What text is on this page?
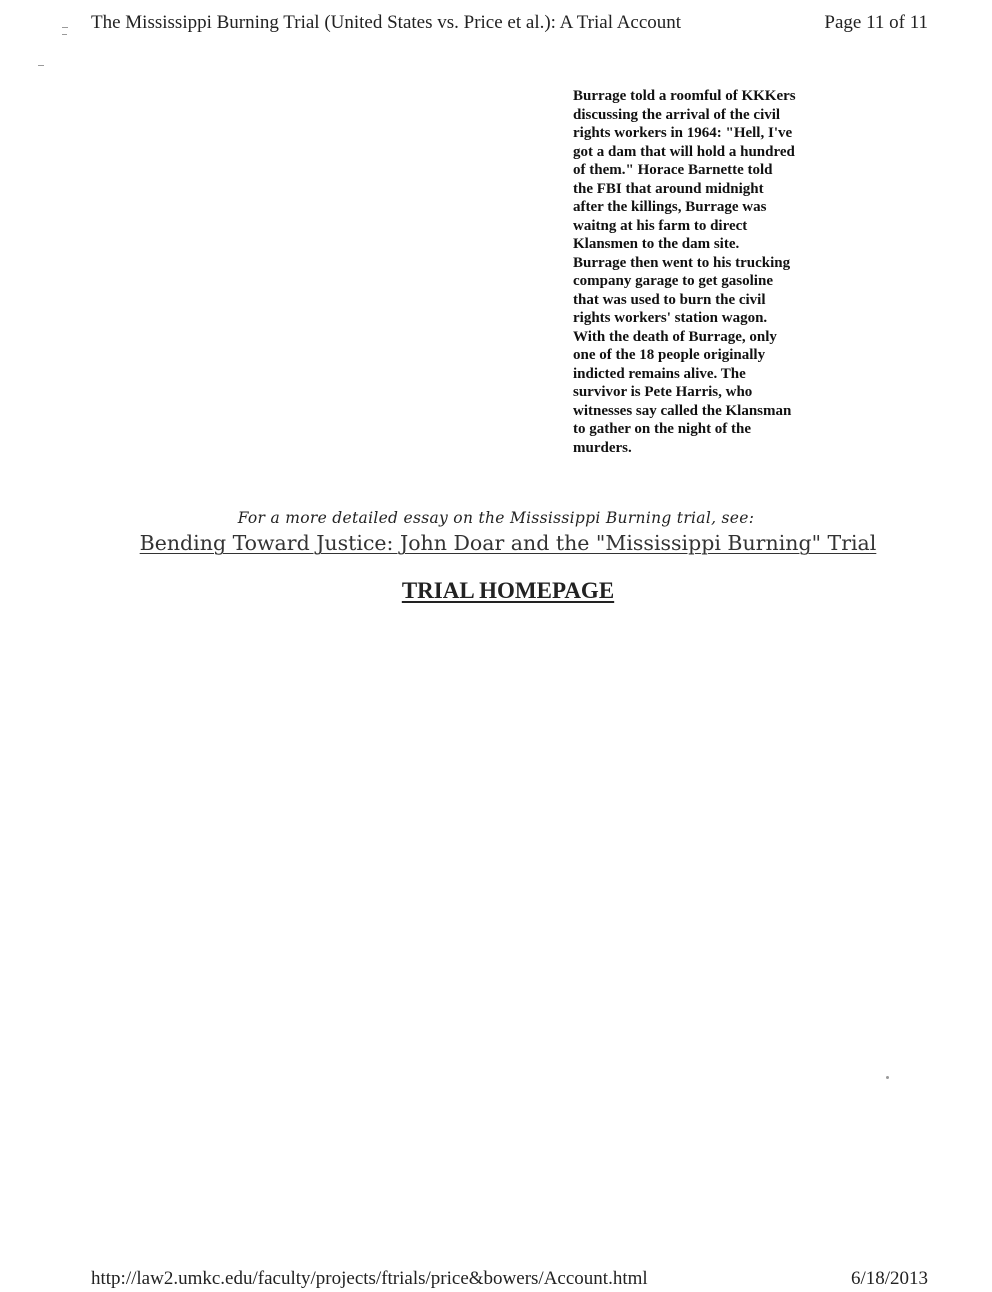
The Mississippi Burning Trial (United States vs. Price et al.): A Trial Account	Page 11 of 11
Burrage told a roomful of KKKers
discussing the arrival of the civil
rights workers in 1964: "Hell, I've
got a dam that will hold a hundred
of them." Horace Barnette told
the FBI that around midnight
after the killings, Burrage was
waitng at his farm to direct
Klansmen to the dam site.
Burrage then went to his trucking
company garage to get gasoline
that was used to burn the civil
rights workers' station wagon.
With the death of Burrage, only
one of the 18 people originally
indicted remains alive. The
survivor is Pete Harris, who
witnesses say called the Klansman
to gather on the night of the
murders.
For a more detailed essay on the Mississippi Burning trial, see:
Bending Toward Justice: John Doar and the "Mississippi Burning" Trial
TRIAL HOMEPAGE
http://law2.umkc.edu/faculty/projects/ftrials/price&bowers/Account.html	6/18/2013
